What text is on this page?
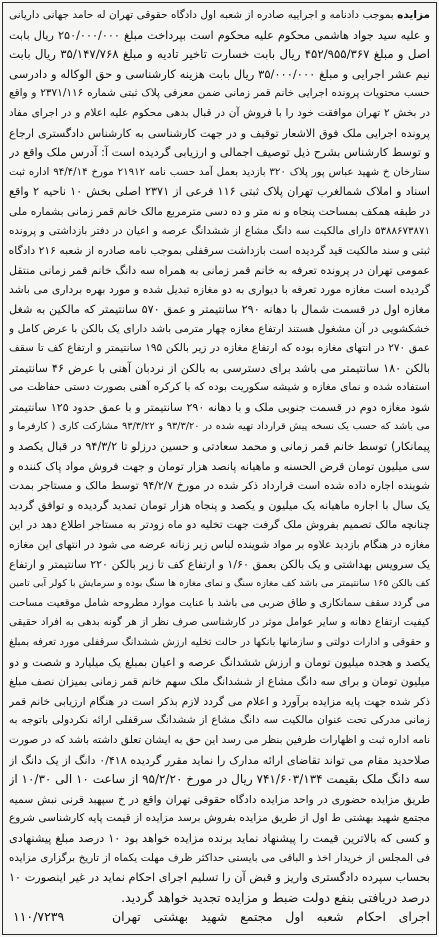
مزایده بموجب دادنامه و اجراییه صادره از شعبه اول دادگاه حقوقی تهران له حامد جهانی داریانی
و علیه سید جواد هاشمی محکوم علیه محکوم است بپرداخت مبلغ ۲۵۰/۰۰۰/۰۰۰ ریال بابت
اصل و مبلغ ۴۵۲/۹۵۵/۳۶۷ ریال بابت خسارت تاخیر تادیه و مبلغ ۳۵/۱۴۷/۷۶۸ ریال بابت
نیم عشر اجرایی و مبلغ ۳۵/۰۰۰/۰۰۰ ریال بابت هزینه کارشناسی و حق الوکاله و دادرسی
حسب محتویات پرونده اجرایی خانم قمر زمانی ضمن معرفی پلاک ثبتی شماره ۲۳۷۱/۱۱۶ و واقع
در بخش ۲ تهران موافقت خود را با فروش آن در قبال بدهی محکوم علیه اعلام و در اجرای مفاد
پرونده اجرایی ملک فوق الاشعار توقیف و در جهت کارشناسی به کارشناس دادگستری ارجاع
و توسط کارشناس بشرح ذیل توصیف اجمالی و ارزیابی گردیده است آ: آدرس ملک واقع در
ستارخان خ شهید عباس پور پلاک ۳۲۰ بازدید بعمل آمد حسب نامه ۲۱۹۱۲ مورخ ۹۴/۴/۱۴ اداره ثبت
اسناد و املاک شمالغرب تهران پلاک ثبتی ۱۱۶ فرعی از ۲۳۷۱ اصلی بخش ۱۰ ناحیه ۲ واقع
در طبقه همکف بمساحت پنجاه و نه متر و ده دسی مترمربع مالک خانم قمر زمانی بشماره ملی
۵۳۸۸۶۷۳۸۷۱ دارای مالکیت سه دانگ مشاع از ششدانگ عرصه و اعیان در دفتر بازداشتی و پرونده
ثبتی و سند مالکیت قید گردیده است بازداشت سرقفلی بموجب نامه صادره از شعبه ۲۱۶ دادگاه
عمومی تهران در پرونده تعرفه به خانم قمر زمانی به همراه سه دانگ خانم قمر زمانی منتقل
گردیده است مغازه مورد تعرفه با دیواری به دو مغازه تبدیل شده و مورد بهره برداری می باشد
مغازه اول در قسمت شمال با دهانه ۲۹۰ سانتیمتر و عمق ۵۷۰ سانتیمتر که مالکین به شغل
خشکشویی در آن مشغول هستند ارتفاع مغازه چهار مترمی باشد دارای یک بالکن با عرض کامل و
عمق ۲۷۰ در انتهای مغازه بوده که ارتفاع مغازه در زیر بالکن ۱۹۵ سانتیمتر و ارتفاع کف تا سقف
بالکن ۱۸۰ سانتیمتر می باشد برای دسترسی به بالکن از نردبان آهنی با عرض ۴۶ سانتیمتر
استفاده شده و نمای مغازه و شیشه سکوریت بوده که با کرکره آهنی بصورت دستی حفاظت می
شود مغازه دوم در قسمت جنوبی ملک و با دهانه ۲۹۰ سانتیمتر و با عمق حدود ۱۲۵ سانتیمتر
می باشد که حسب یک نسخه پیش قرارداد تهیه شده در ۹۳/۳/۲۰ و ۹۳/۳/۲۲ مشارکت کاری ( کارفرما و
پیمانکار) توسط خانم قمر زمانی و محمد سعادتی و حسین درزلو تا ۹۴/۳/۲ در قبال یکصد و
سی میلیون تومان قرض الحسنه و ماهیانه پانصد هزار تومان و جهت فروش مواد پاک کننده و
شوینده اجاره داده شده است قرارداد ذکر شده در مورخ ۹۴/۲/۷ توسط مالک و مستاجر بمدت
یک سال با اجاره ماهیانه یک میلیون و یکصد و پنجاه هزار تومان تمدید گردیده و توافق گردید
چنانچه مالک تصمیم بفروش ملک گرفت جهت تخلیه دو ماه زودتر به مستاجر اطلاع دهد در این
مغازه در هنگام بازدید علاوه بر مواد شوینده لباس زیر زنانه عرضه می شود در انتهای این مغازه
یک سرویس بهداشتی و یک بالکن بعمق ۱/۶۰ و ارتفاع کف تا زیر بالکن ۲۲۰ سانتیمتر و ارتفاع
کف بالکن ۱۶۵ سانتیمتر می باشد کف مغازه سنگ و نمای مغازه ها سنگ بوده و سرمایش با کولر آبی تامین
می گردد سقف سمانکاری و طاق ضربی می باشد با عنایت موارد مطروحه شامل موقعیت مساحت
کیفیت ارتفاع دهانه و سایر عوامل موثر در کارشناسی صرف نظر از هر گونه بدهی به افراد حقیقی
و حقوقی و ادارات دولتی و سازمانها بانکها در حالت تخلیه ارزش ششدانگ سرقفلی مورد تعرفه بمبلغ
یکصد و هجده میلیون تومان و ارزش ششدانگ عرصه و اعیان بمبلغ یک میلیارد و شصت و دو
میلیون تومان و برای سه دانگ مشاع از ششدانگ ملک سهم خانم قمر زمانی بمیزان نصف مبلغ
ذکر شده جهت پایه مزایده برآورد و اعلام می گردد لازم بذکر است در هنگام ارزیابی خانم قمر
زمانی مدرکی تحت عنوان مالکیت سه دانگ مشاع از ششدانگ سرقفلی ارائه نکردولی باتوجه به
نامه اداره ثبت و اظهارات طرفین بنظر می رسد این حق به ایشان تعلق داشته باشد که در صورت
صلاحدید مقام می تواند تقاضای ارائه مدارک را نماید مقرر گردیده ۰/۴۱۸ دانگ از یک دانگ از
سه دانگ ملک بقیمت ۷۴۱/۶۰۳/۱۳۴ ریال در مورخ ۹۵/۲/۲۰ از ساعت ۱۰ الی ۱۰/۳۰ از
طریق مزایده حضوری در واحد مزایده دادگاه حقوقی تهران واقع در خ سپهبد قرنی نبش سمیه
مجتمع شهید بهشتی ط اول از طریق مزایده بفروش برسد مزایده از قیمت پایه کارشناسی شروع
و کسی که بالاترین قیمت را پیشنهاد نماید برنده مزایده خواهد بود ۱۰ درصد مبلغ پیشنهادی
فی المجلس از خریدار اخذ و الباقی می بایستی حداکثر ظرف مهلت یکماه از تاریخ برگزاری مزایده
بحساب سپرده دادگستری واریز و قبض آن را تسلیم اجرای احکام نماید در غیر اینصورت ۱۰
درصد دریافتی بنفع دولت ضبط و مزایده تجدید خواهد گردید.
اجرای احکام شعبه اول مجتمع شهید بهشتی تهران
۱۱۰/۷۲۳۹
